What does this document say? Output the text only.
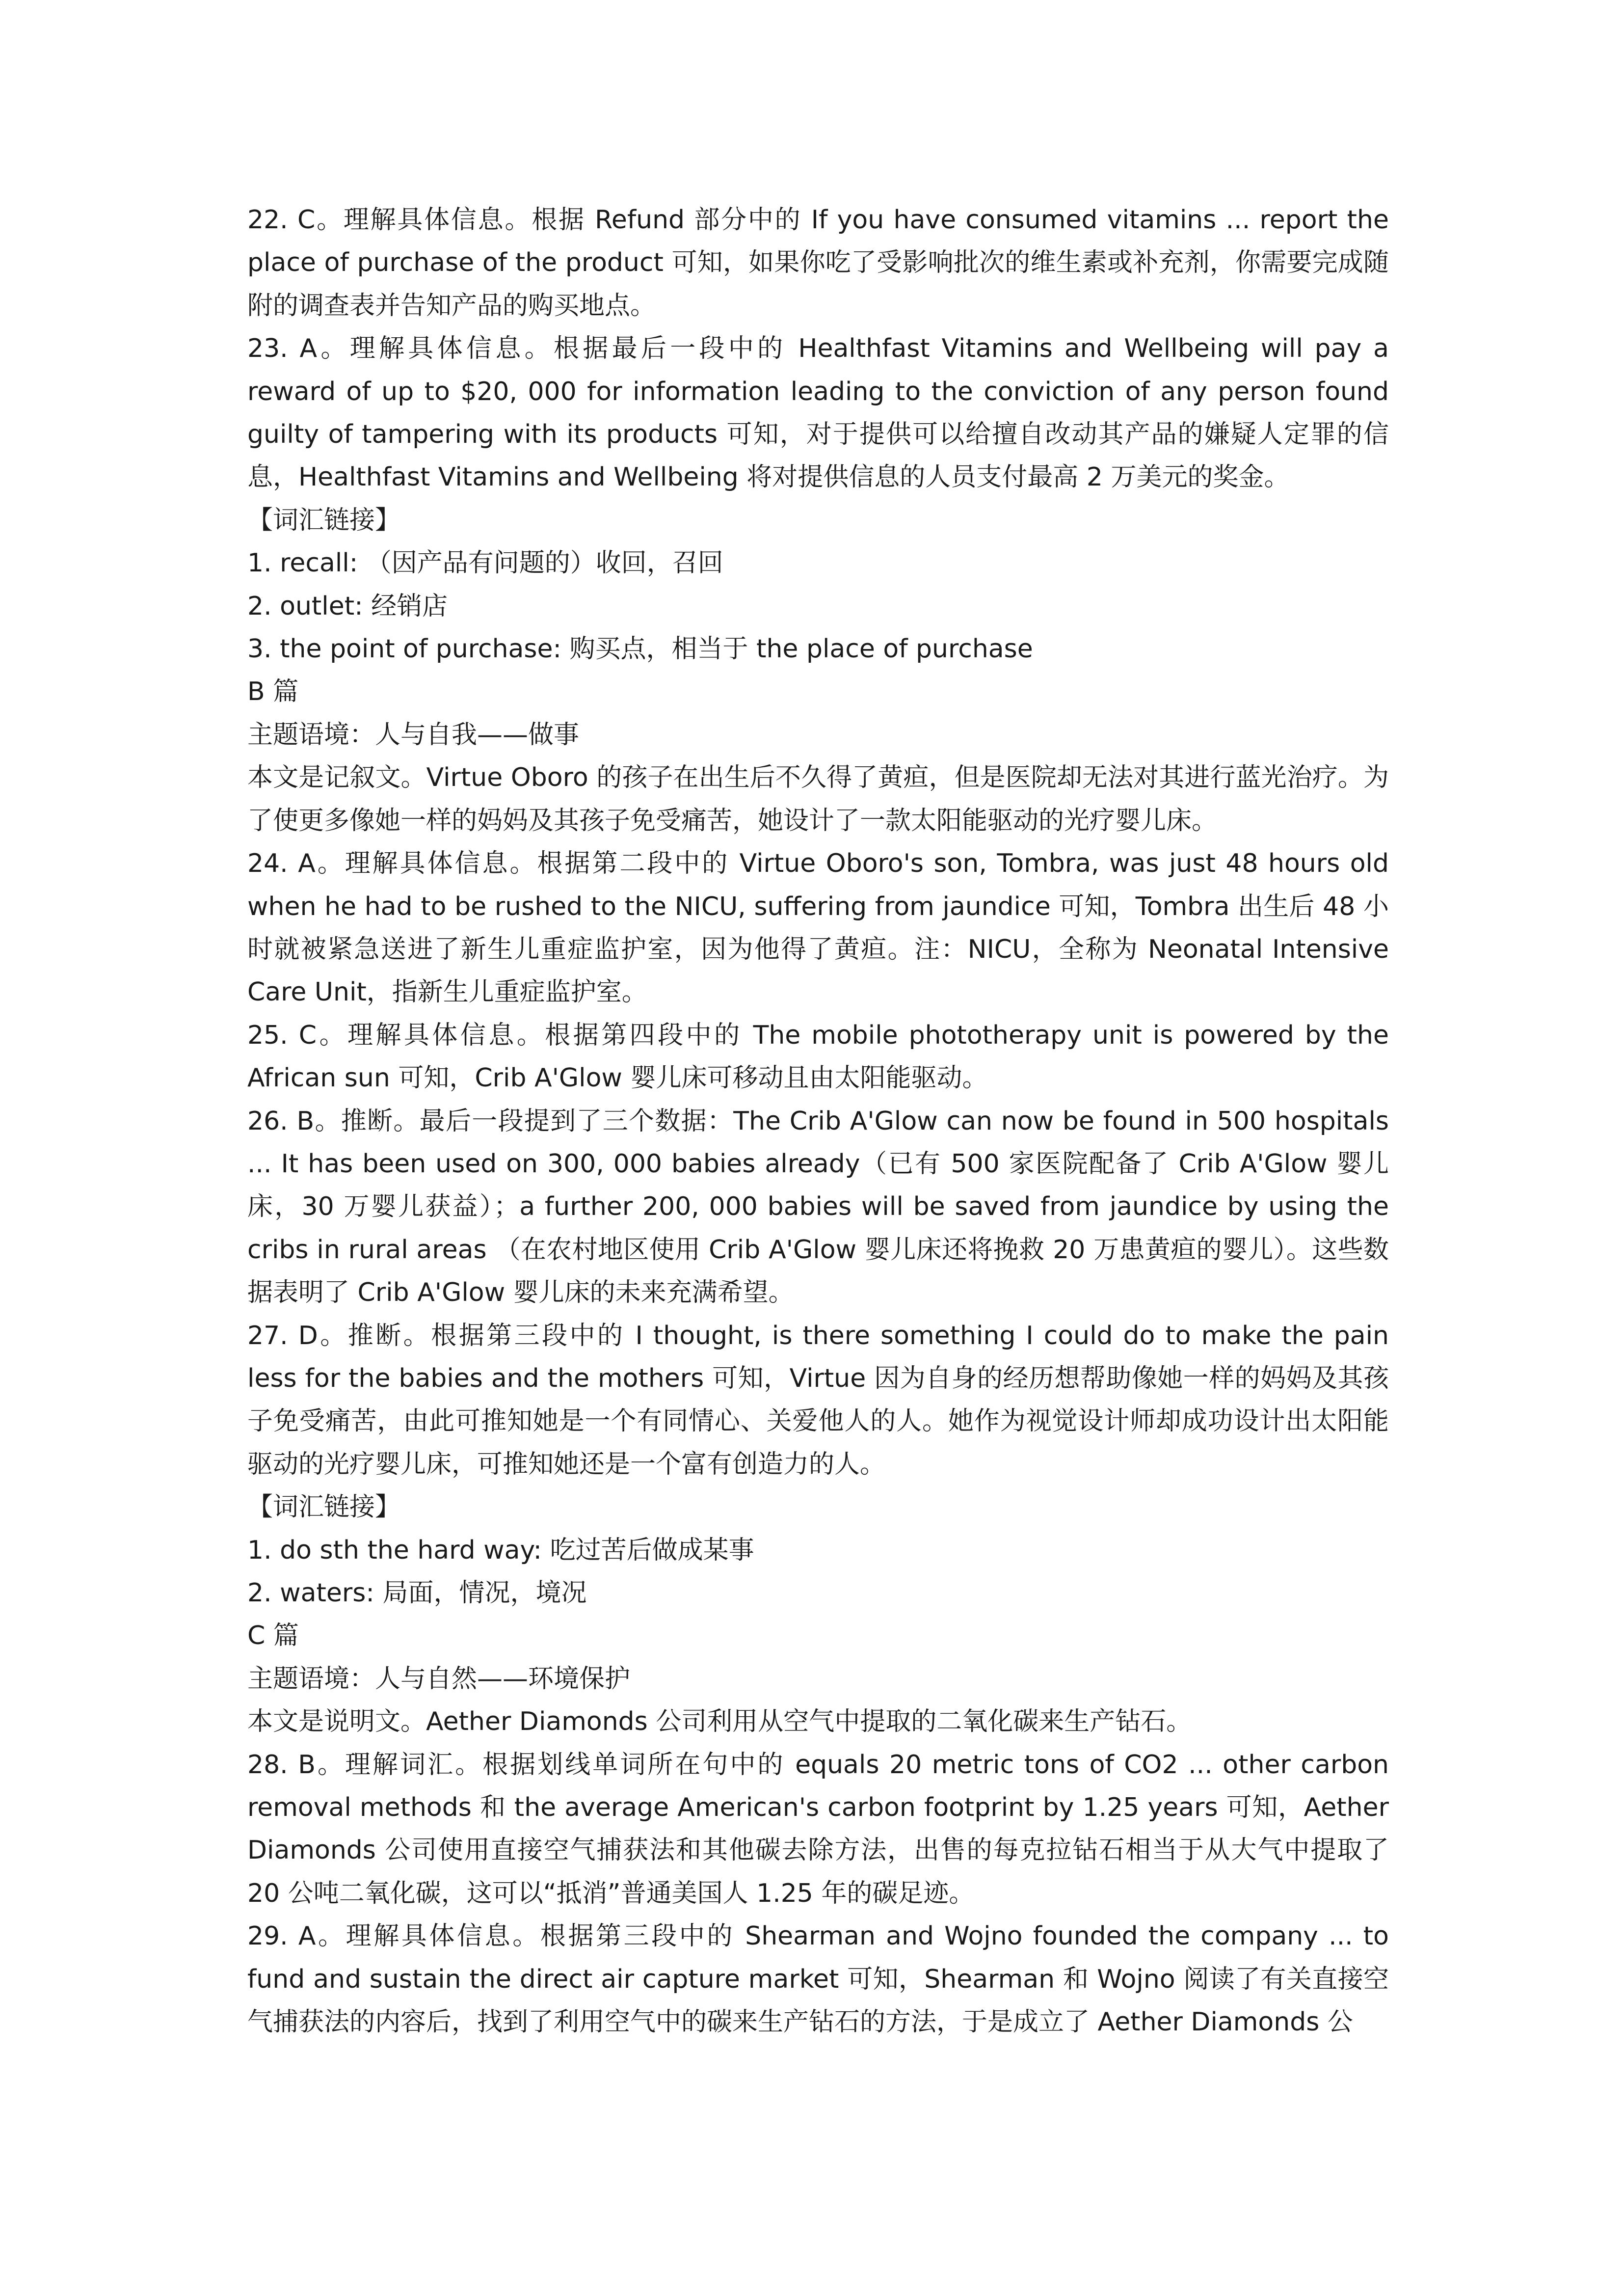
22. C。理解具体信息。根据 Refund 部分中的 If you have consumed vitamins ... report the place of purchase of the product 可知，如果你吃了受影响批次的维生素或补充剂，你需要完成随附的调查表并告知产品的购买地点。

23. A。理解具体信息。根据最后一段中的 Healthfast Vitamins and Wellbeing will pay a reward of up to $20, 000 for information leading to the conviction of any person found guilty of tampering with its products 可知，对于提供可以给擅自改动其产品的嫌疑人定罪的信息，Healthfast Vitamins and Wellbeing 将对提供信息的人员支付最高 2 万美元的奖金。

【词汇链接】

1. recall: （因产品有问题的）收回，召回

2. outlet: 经销店

3. the point of purchase: 购买点，相当于 the place of purchase

B 篇

主题语境：人与自我——做事

本文是记叙文。Virtue Oboro 的孩子在出生后不久得了黄疸，但是医院却无法对其进行蓝光治疗。为了使更多像她一样的妈妈及其孩子免受痛苦，她设计了一款太阳能驱动的光疗婴儿床。

24. A。理解具体信息。根据第二段中的 Virtue Oboro's son, Tombra, was just 48 hours old when he had to be rushed to the NICU, suffering from jaundice 可知，Tombra 出生后 48 小时就被紧急送进了新生儿重症监护室，因为他得了黄疸。注：NICU，全称为 Neonatal Intensive Care Unit，指新生儿重症监护室。

25. C。理解具体信息。根据第四段中的 The mobile phototherapy unit is powered by the African sun 可知，Crib A'Glow 婴儿床可移动且由太阳能驱动。

26. B。推断。最后一段提到了三个数据：The Crib A'Glow can now be found in 500 hospitals ... It has been used on 300, 000 babies already（已有 500 家医院配备了 Crib A'Glow 婴儿床，30 万婴儿获益）；a further 200, 000 babies will be saved from jaundice by using the cribs in rural areas （在农村地区使用 Crib A'Glow 婴儿床还将挽救 20 万患黄疸的婴儿）。这些数据表明了 Crib A'Glow 婴儿床的未来充满希望。

27. D。推断。根据第三段中的 I thought, is there something I could do to make the pain less for the babies and the mothers 可知，Virtue 因为自身的经历想帮助像她一样的妈妈及其孩子免受痛苦，由此可推知她是一个有同情心、关爱他人的人。她作为视觉设计师却成功设计出太阳能驱动的光疗婴儿床，可推知她还是一个富有创造力的人。

【词汇链接】

1. do sth the hard way: 吃过苦后做成某事

2. waters: 局面，情况，境况

C 篇

主题语境：人与自然——环境保护

本文是说明文。Aether Diamonds 公司利用从空气中提取的二氧化碳来生产钻石。

28. B。理解词汇。根据划线单词所在句中的 equals 20 metric tons of CO2 ... other carbon removal methods 和 the average American's carbon footprint by 1.25 years 可知，Aether Diamonds 公司使用直接空气捕获法和其他碳去除方法，出售的每克拉钻石相当于从大气中提取了 20 公吨二氧化碳，这可以“抵消”普通美国人 1.25 年的碳足迹。

29. A。理解具体信息。根据第三段中的 Shearman and Wojno founded the company ... to fund and sustain the direct air capture market 可知，Shearman 和 Wojno 阅读了有关直接空气捕获法的内容后，找到了利用空气中的碳来生产钻石的方法，于是成立了 Aether Diamonds 公
